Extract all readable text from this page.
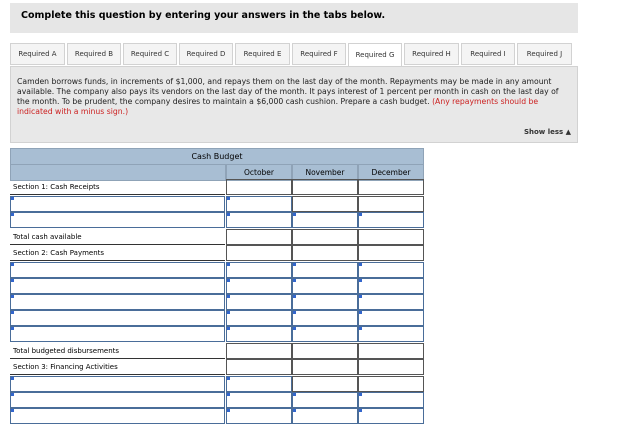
Complete this question by entering your answers in the tabs below.
Required A	Required B	Required C	Required D	Required E	Required F	Required G	Required H	Required I	Required J
Camden borrows funds, in increments of $1,000, and repays them on the last day of the month. Repayments may be made in any amount available. The company also pays its vendors on the last day of the month. It pays interest of 1 percent per month in cash on the last day of the month. To be prudent, the company desires to maintain a $6,000 cash cushion. Prepare a cash budget. (Any repayments should be indicated with a minus sign.)
Show less ▲
Cash Budget
October	November	December
Section 1: Cash Receipts
Total cash available
Section 2: Cash Payments
Total budgeted disbursements
Section 3: Financing Activities
